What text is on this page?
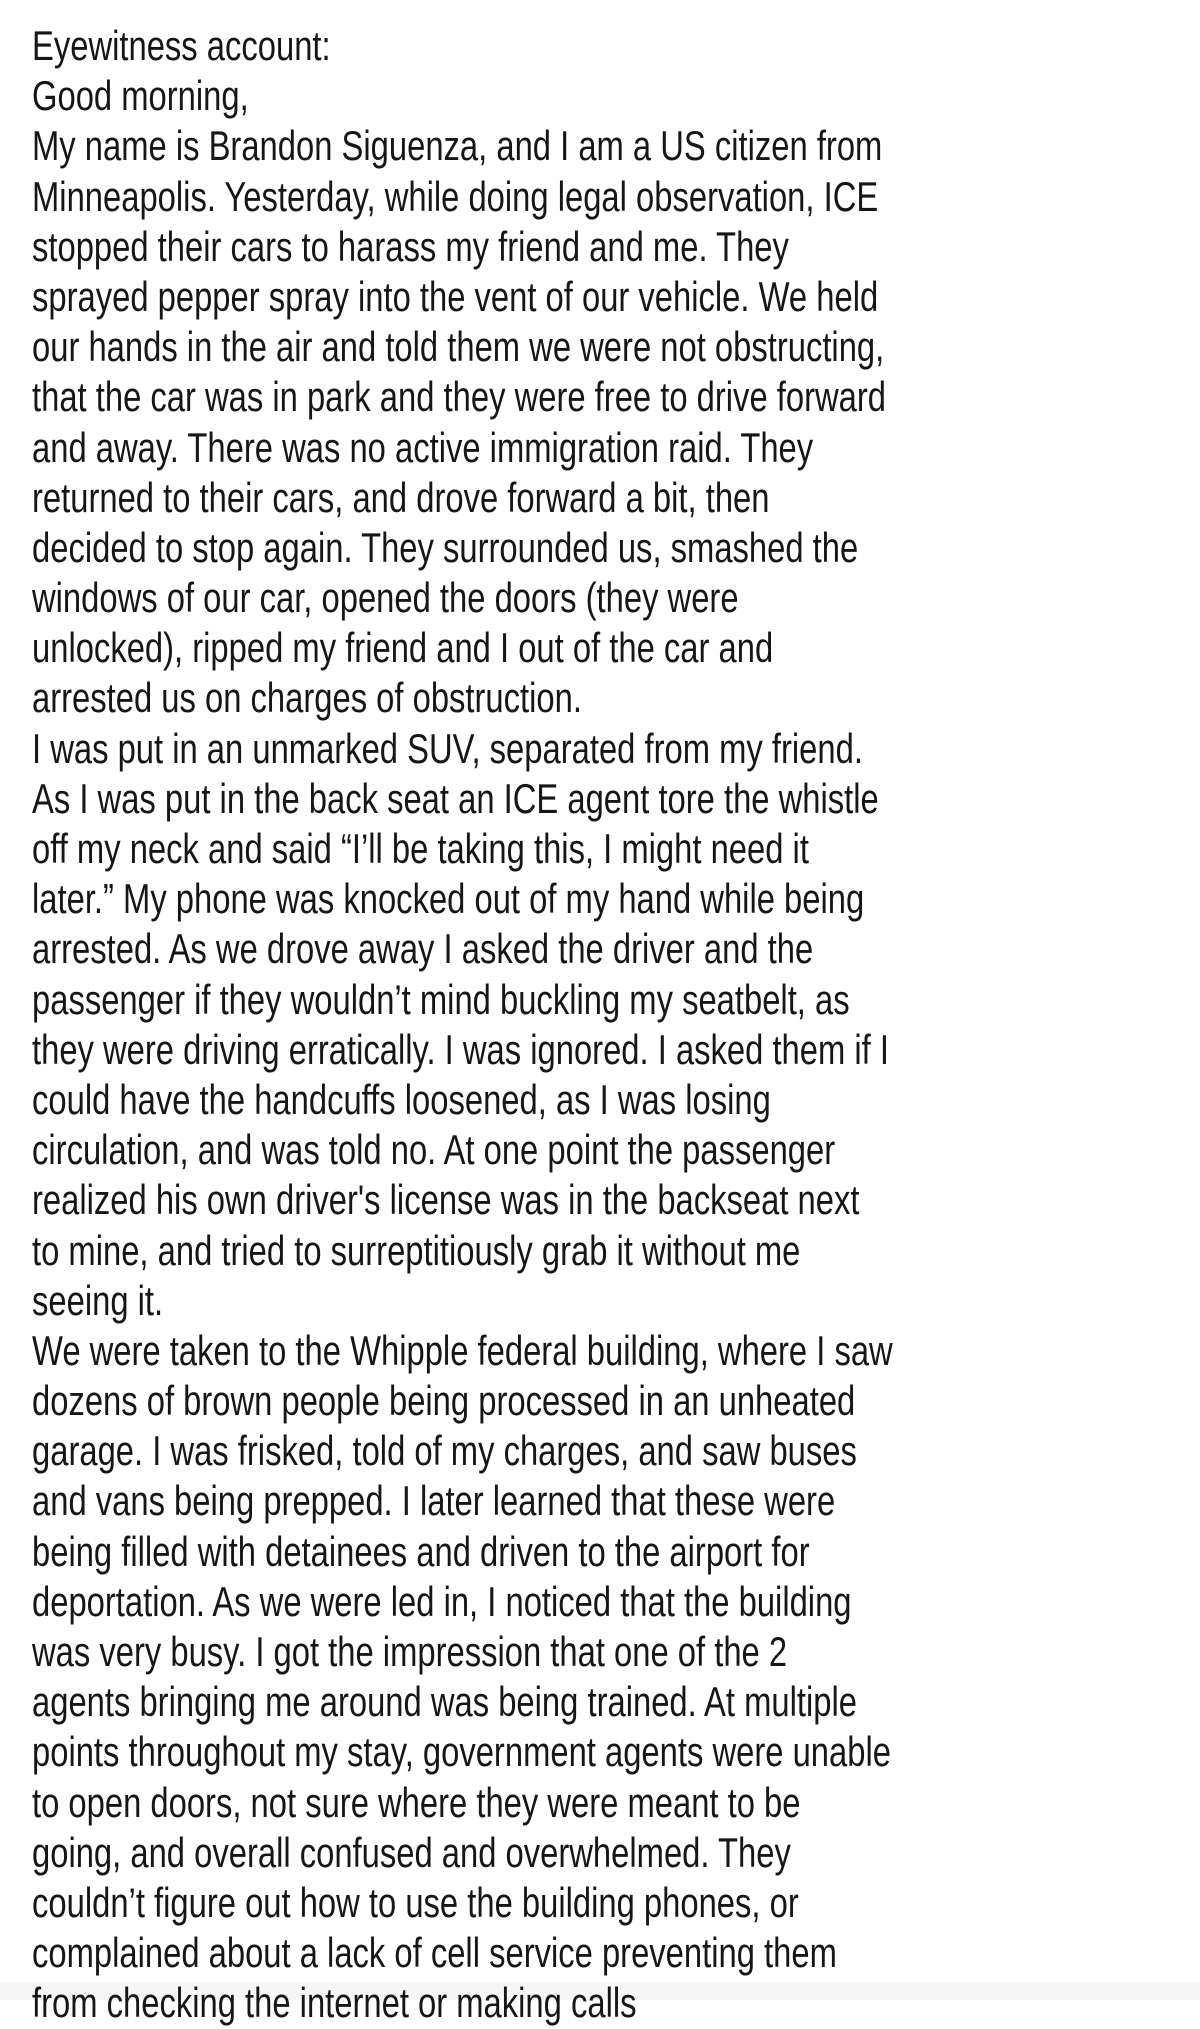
Eyewitness account:
Good morning,
My name is Brandon Siguenza, and I am a US citizen from
Minneapolis. Yesterday, while doing legal observation, ICE
stopped their cars to harass my friend and me. They
sprayed pepper spray into the vent of our vehicle. We held
our hands in the air and told them we were not obstructing,
that the car was in park and they were free to drive forward
and away. There was no active immigration raid. They
returned to their cars, and drove forward a bit, then
decided to stop again. They surrounded us, smashed the
windows of our car, opened the doors (they were
unlocked), ripped my friend and I out of the car and
arrested us on charges of obstruction.
I was put in an unmarked SUV, separated from my friend.
As I was put in the back seat an ICE agent tore the whistle
off my neck and said “I’ll be taking this, I might need it
later.” My phone was knocked out of my hand while being
arrested. As we drove away I asked the driver and the
passenger if they wouldn’t mind buckling my seatbelt, as
they were driving erratically. I was ignored. I asked them if I
could have the handcuffs loosened, as I was losing
circulation, and was told no. At one point the passenger
realized his own driver's license was in the backseat next
to mine, and tried to surreptitiously grab it without me
seeing it.
We were taken to the Whipple federal building, where I saw
dozens of brown people being processed in an unheated
garage. I was frisked, told of my charges, and saw buses
and vans being prepped. I later learned that these were
being filled with detainees and driven to the airport for
deportation. As we were led in, I noticed that the building
was very busy. I got the impression that one of the 2
agents bringing me around was being trained. At multiple
points throughout my stay, government agents were unable
to open doors, not sure where they were meant to be
going, and overall confused and overwhelmed. They
couldn’t figure out how to use the building phones, or
complained about a lack of cell service preventing them
from checking the internet or making calls
